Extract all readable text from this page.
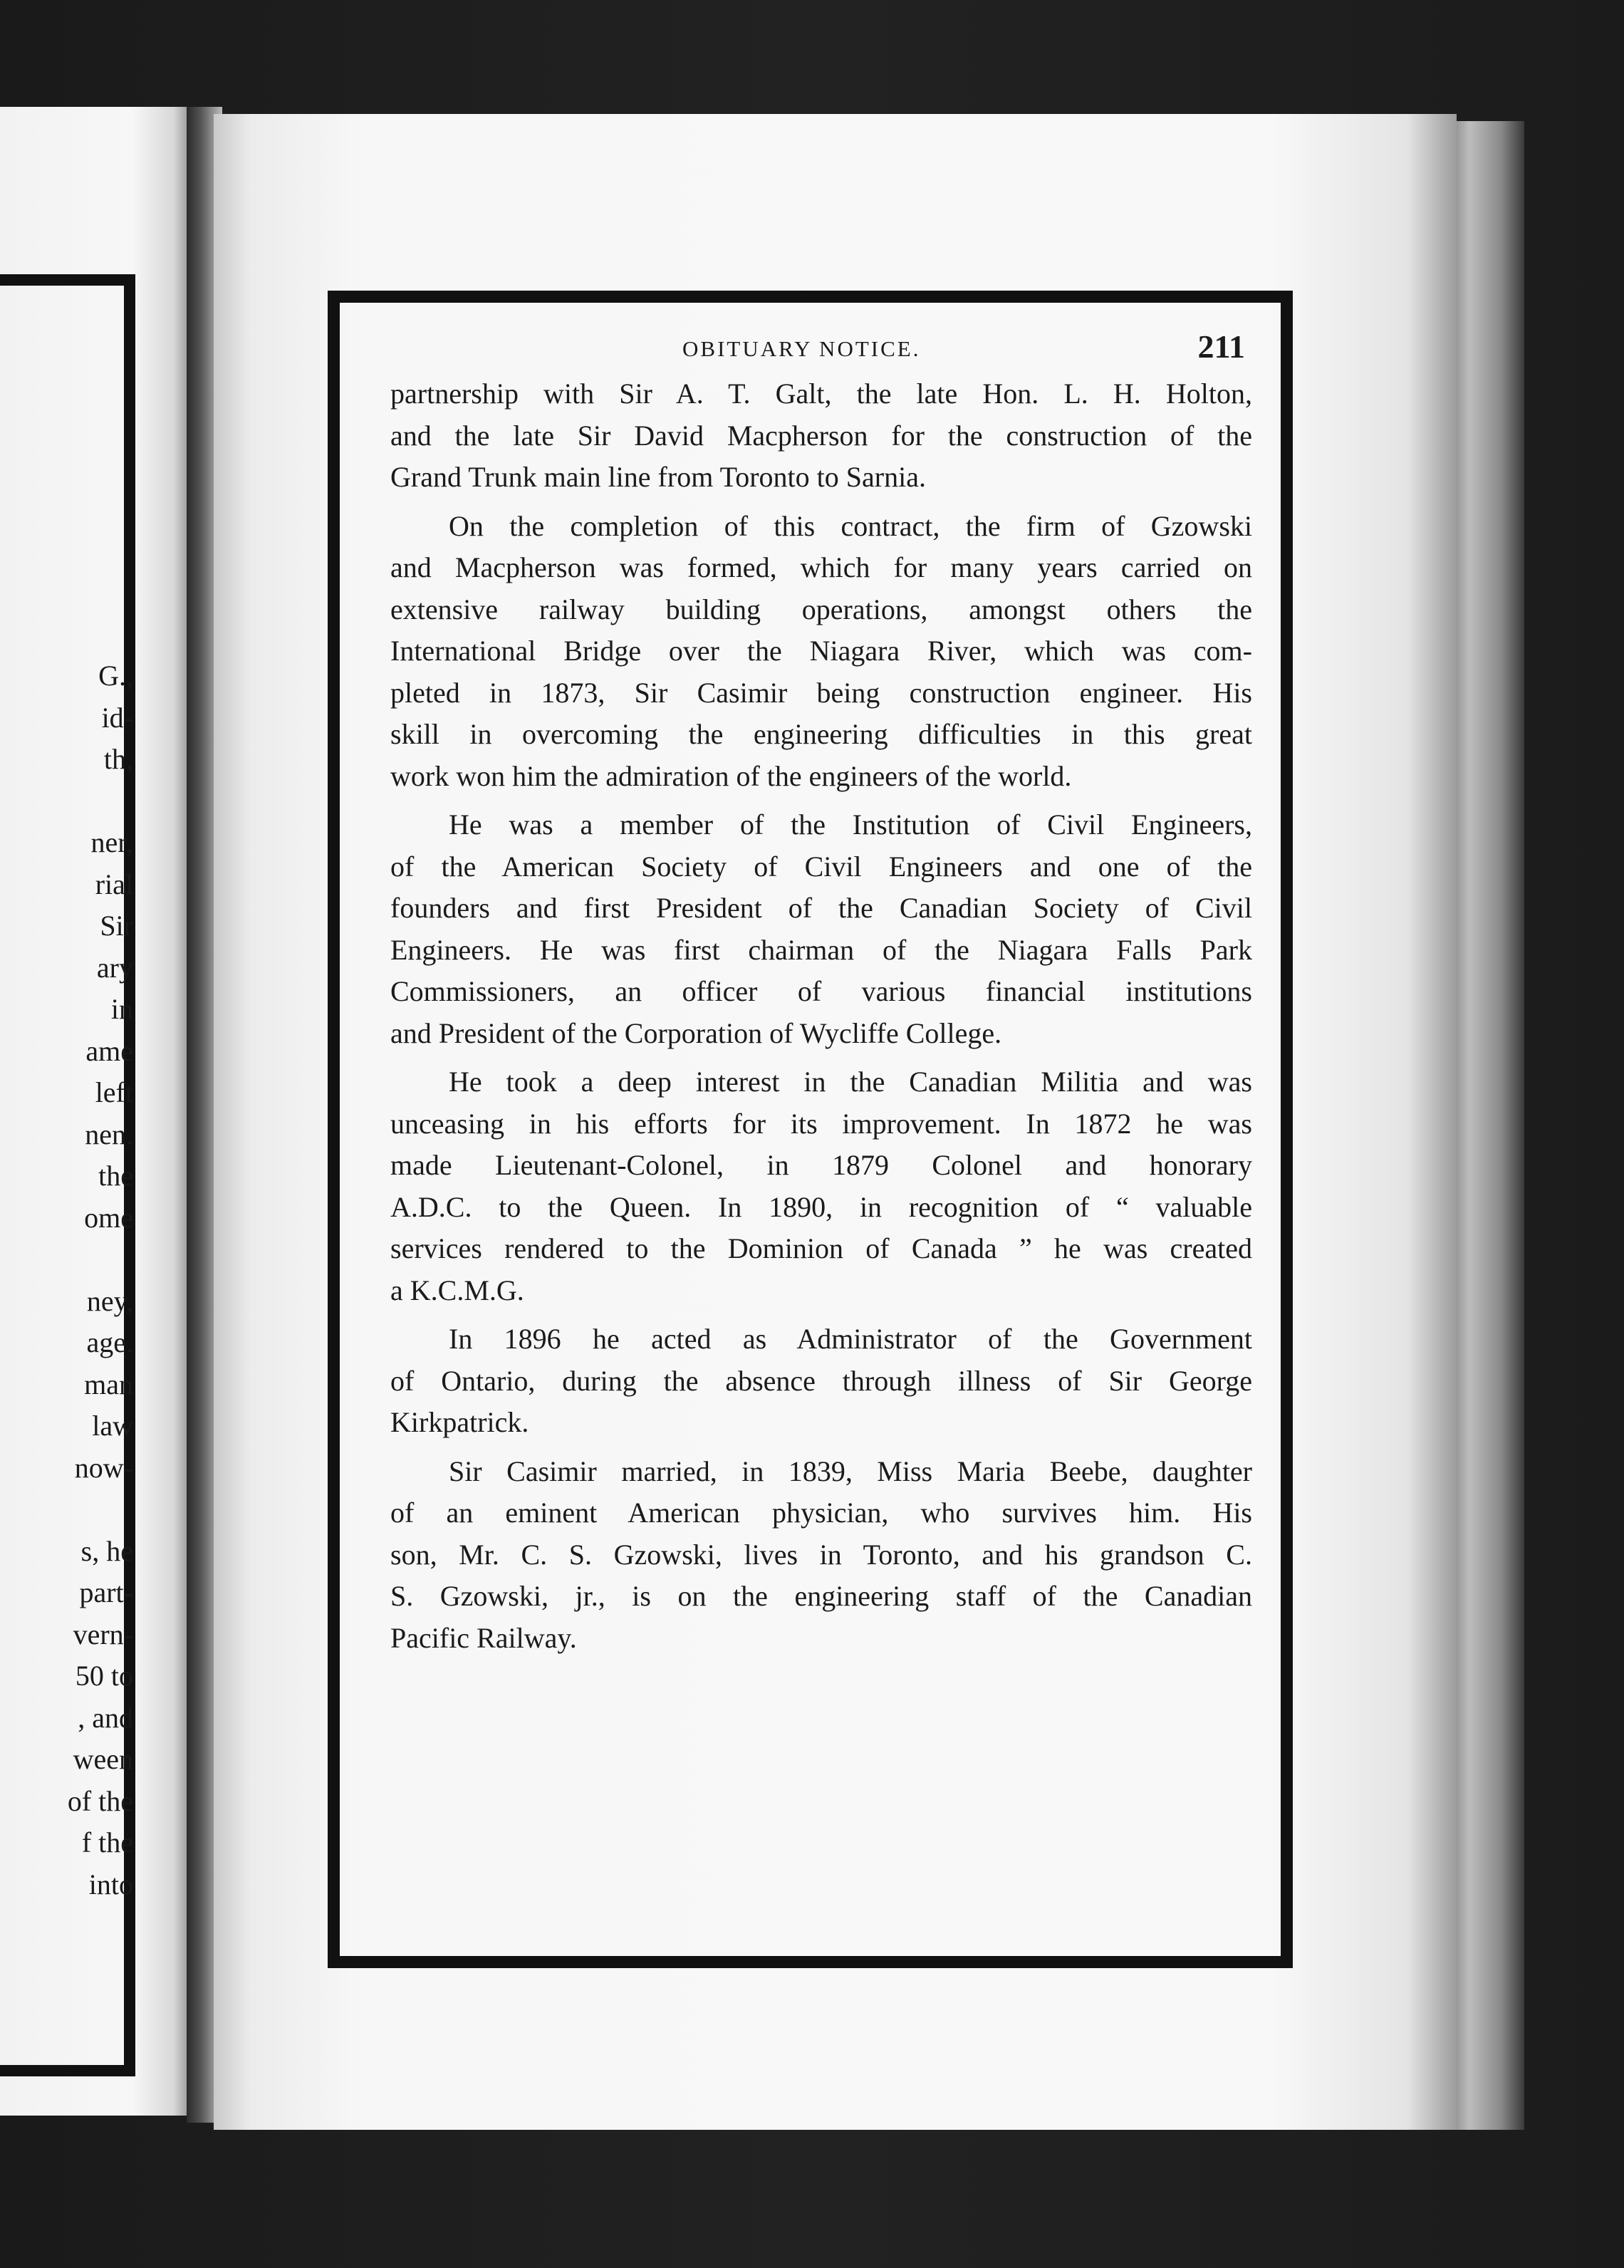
G.,
id-
th,
ner,
rial
Sir
ary
in
ame
left
nen.
the
ome
ney,
age.
man
law
now-
s, he
part-
vern-
50 to
, and
ween
of the
f the
into
OBITUARY NOTICE.	211
partnership with Sir A. T. Galt, the late Hon. L. H. Holton,
and the late Sir David Macpherson for the construction of the
Grand Trunk main line from Toronto to Sarnia.
On the completion of this contract, the firm of Gzowski
and Macpherson was formed, which for many years carried on
extensive railway building operations, amongst others the
International Bridge over the Niagara River, which was com-
pleted in 1873, Sir Casimir being construction engineer. His
skill in overcoming the engineering difficulties in this great
work won him the admiration of the engineers of the world.
He was a member of the Institution of Civil Engineers,
of the American Society of Civil Engineers and one of the
founders and first President of the Canadian Society of Civil
Engineers. He was first chairman of the Niagara Falls Park
Commissioners, an officer of various financial institutions
and President of the Corporation of Wycliffe College.
He took a deep interest in the Canadian Militia and was
unceasing in his efforts for its improvement. In 1872 he was
made Lieutenant-Colonel, in 1879 Colonel and honorary
A.D.C. to the Queen. In 1890, in recognition of “ valuable
services rendered to the Dominion of Canada ” he was created
a K.C.M.G.
In 1896 he acted as Administrator of the Government
of Ontario, during the absence through illness of Sir George
Kirkpatrick.
Sir Casimir married, in 1839, Miss Maria Beebe, daughter
of an eminent American physician, who survives him. His
son, Mr. C. S. Gzowski, lives in Toronto, and his grandson C.
S. Gzowski, jr., is on the engineering staff of the Canadian
Pacific Railway.
